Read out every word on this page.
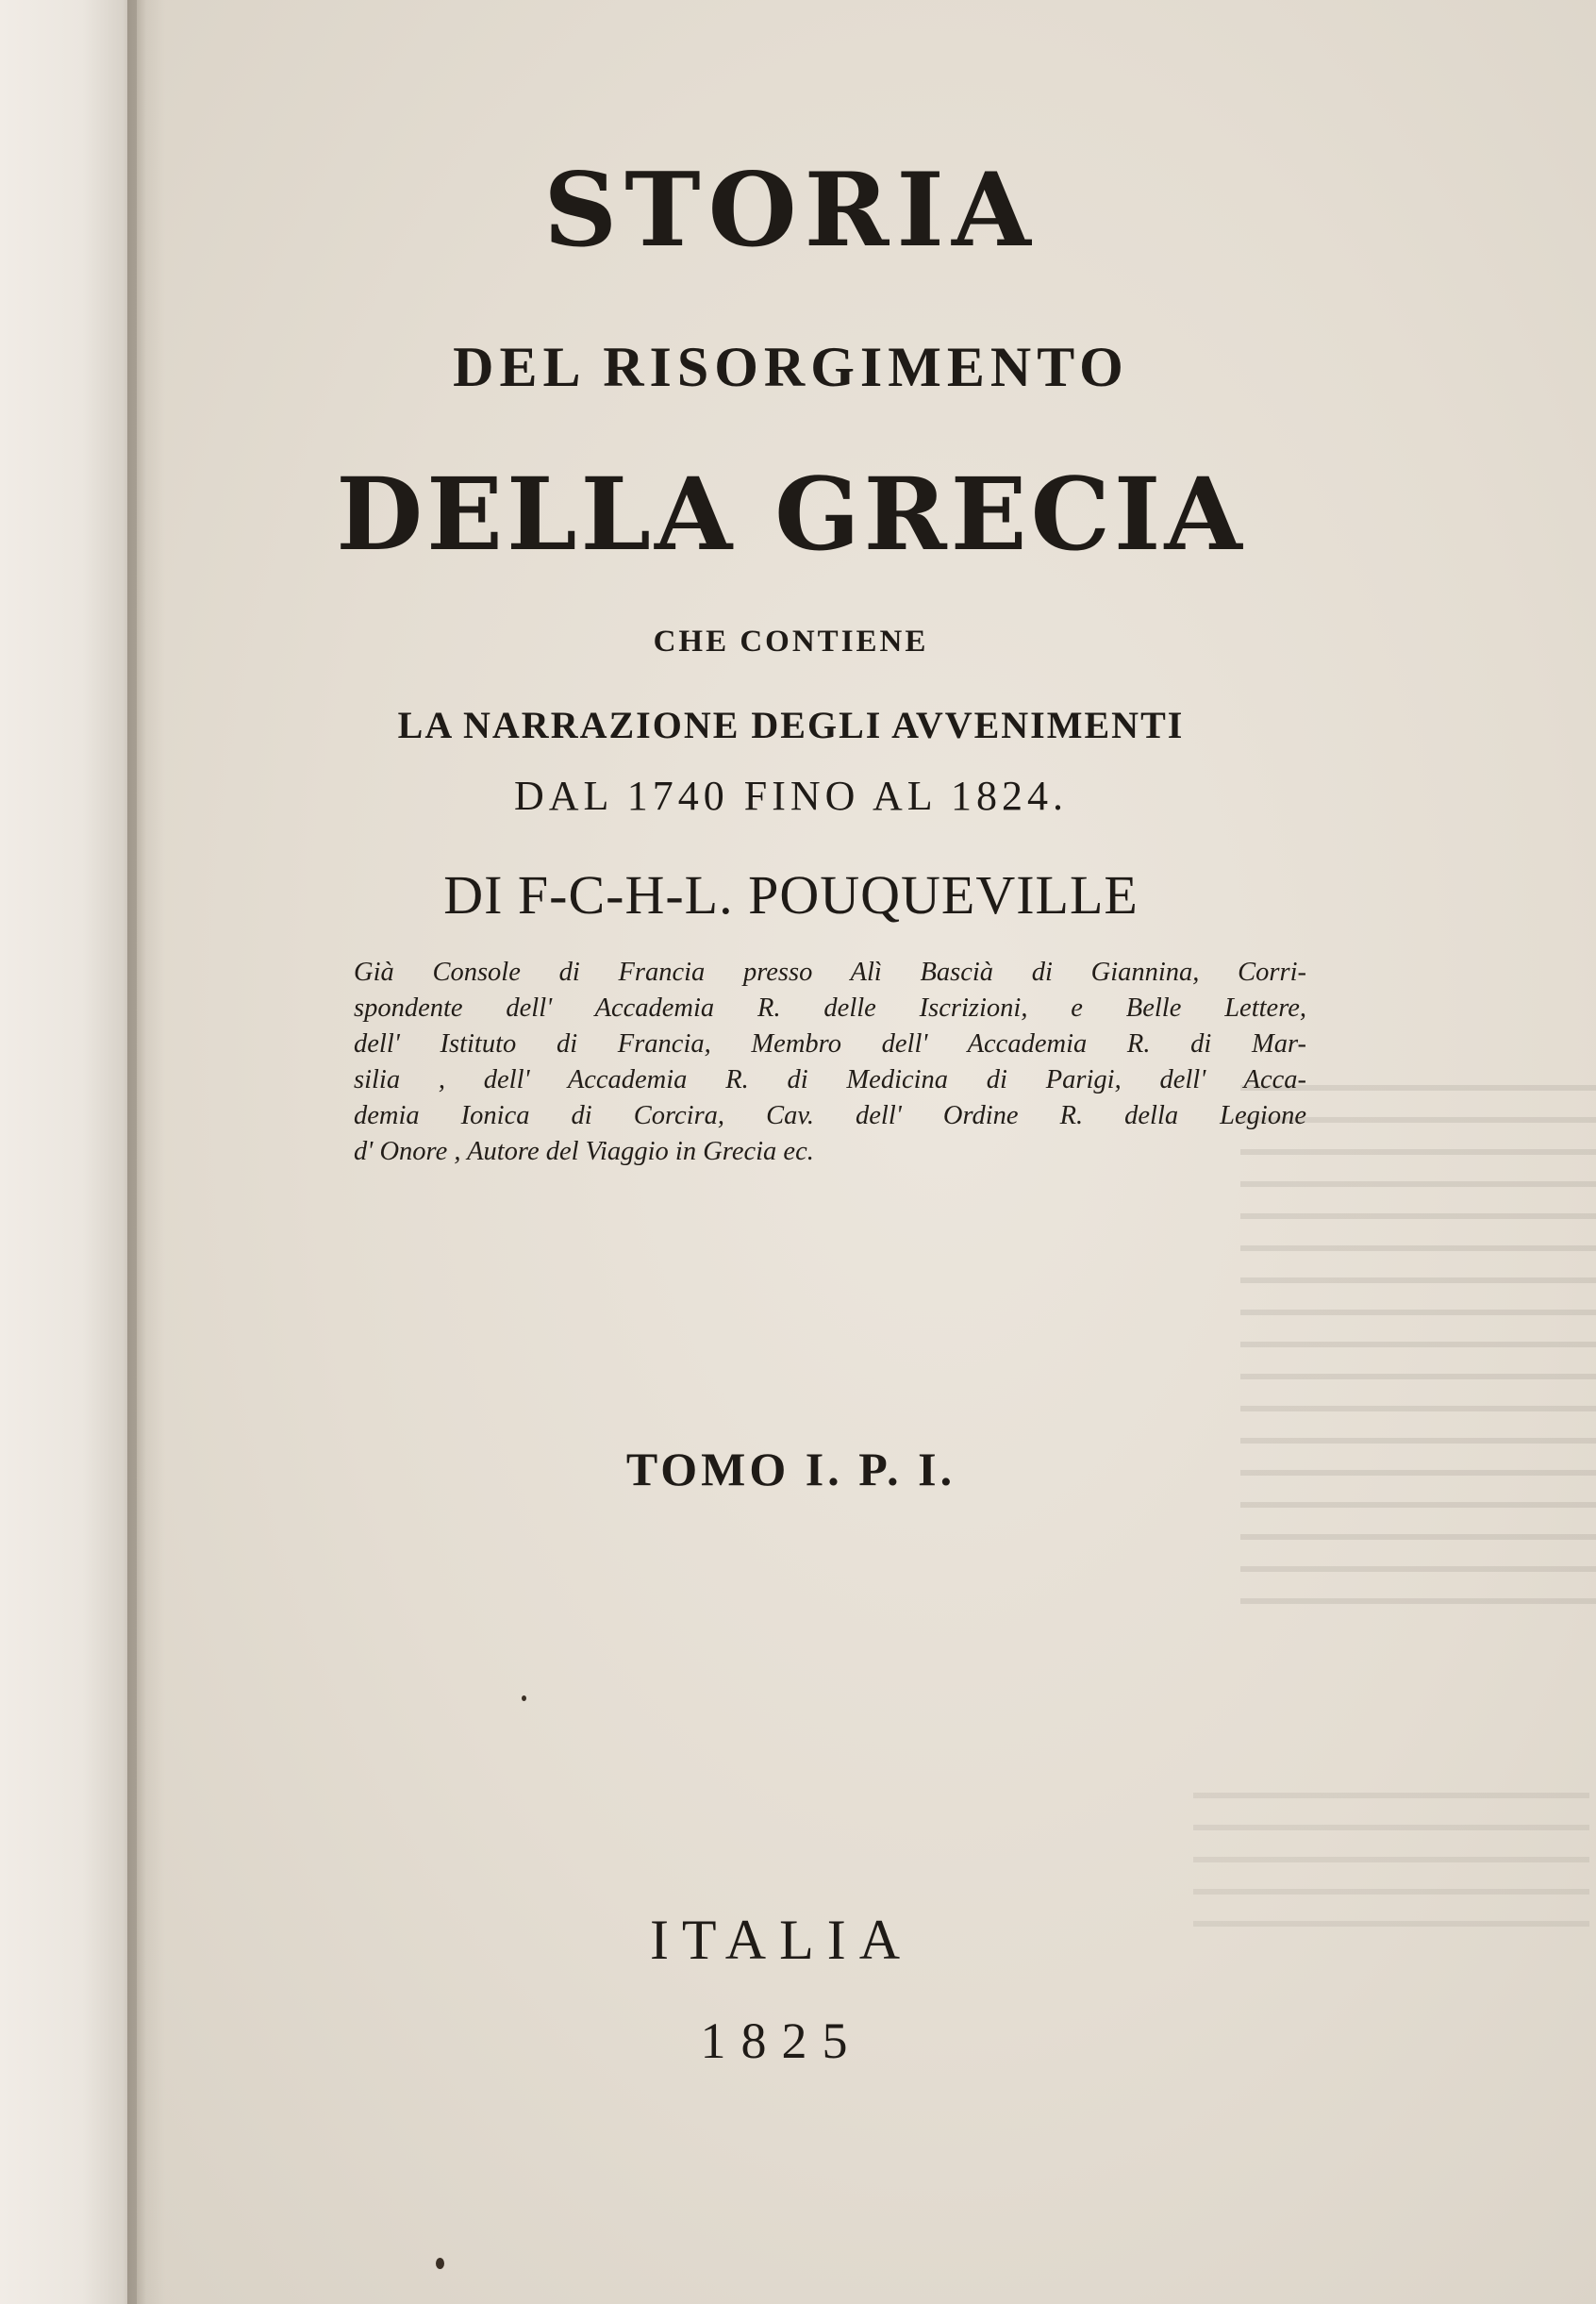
STORIA
DEL RISORGIMENTO
DELLA GRECIA
CHE CONTIENE
LA NARRAZIONE DEGLI AVVENIMENTI
DAL 1740 FINO AL 1824.
DI F-C-H-L. POUQUEVILLE
Già Console di Francia presso Alì Bascià di Giannina, Corri-
spondente dell' Accademia R. delle Iscrizioni, e Belle Lettere,
dell' Istituto di Francia, Membro dell' Accademia R. di Mar-
silia , dell' Accademia R. di Medicina di Parigi, dell' Acca-
demia Ionica di Corcira, Cav. dell' Ordine R. della Legione
d' Onore , Autore del Viaggio in Grecia ec.
TOMO I. P. I.
ITALIA
1825
